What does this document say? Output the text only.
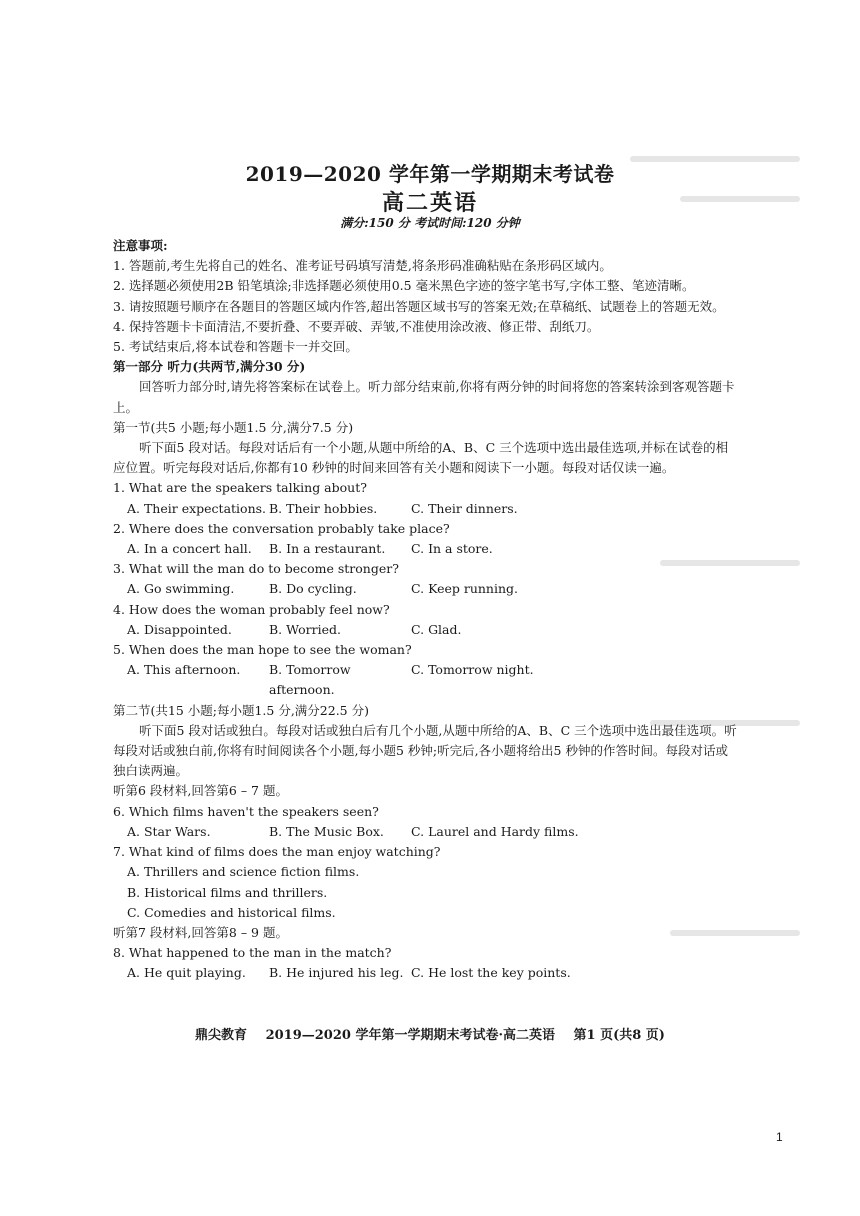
2019—2020 学年第一学期期末考试卷
高二英语
满分:150 分 考试时间:120 分钟
注意事项:
1. 答题前,考生先将自己的姓名、准考证号码填写清楚,将条形码准确粘贴在条形码区域内。
2. 选择题必须使用2B 铅笔填涂;非选择题必须使用0.5 毫米黑色字迹的签字笔书写,字体工整、笔迹清晰。
3. 请按照题号顺序在各题目的答题区域内作答,超出答题区域书写的答案无效;在草稿纸、试题卷上的答题无效。
4. 保持答题卡卡面清洁,不要折叠、不要弄破、弄皱,不准使用涂改液、修正带、刮纸刀。
5. 考试结束后,将本试卷和答题卡一并交回。
第一部分 听力(共两节,满分30 分)
回答听力部分时,请先将答案标在试卷上。听力部分结束前,你将有两分钟的时间将您的答案转涂到客观答题卡上。
第一节(共5 小题;每小题1.5 分,满分7.5 分)
听下面5 段对话。每段对话后有一个小题,从题中所给的A、B、C 三个选项中选出最佳选项,并标在试卷的相应位置。听完每段对话后,你都有10 秒钟的时间来回答有关小题和阅读下一小题。每段对话仅读一遍。
1. What are the speakers talking about?
A. Their expectations. B. Their hobbies.	C. Their dinners.
2. Where does the conversation probably take place?
A. In a concert hall.	B. In a restaurant.	C. In a store.
3. What will the man do to become stronger?
A. Go swimming.	B. Do cycling.	C. Keep running.
4. How does the woman probably feel now?
A. Disappointed.	B. Worried.	C. Glad.
5. When does the man hope to see the woman?
A. This afternoon.	B. Tomorrow afternoon.
C. Tomorrow night.
第二节(共15 小题;每小题1.5 分,满分22.5 分)
听下面5 段对话或独白。每段对话或独白后有几个小题,从题中所给的A、B、C 三个选项中选出最佳选项。听每段对话或独白前,你将有时间阅读各个小题,每小题5 秒钟;听完后,各小题将给出5 秒钟的作答时间。每段对话或独白读两遍。
听第6 段材料,回答第6 – 7 题。
6. Which films haven't the speakers seen?
A. Star Wars.	B. The Music Box.	C. Laurel and Hardy films.
7. What kind of films does the man enjoy watching?
A. Thrillers and science fiction films.
B. Historical films and thrillers.
C. Comedies and historical films.
听第7 段材料,回答第8 – 9 题。
8. What happened to the man in the match?
A. He quit playing.	B. He injured his leg. C. He lost the key points.
鼎尖教育 2019—2020 学年第一学期期末考试卷·高二英语 第1 页(共8 页)
1
